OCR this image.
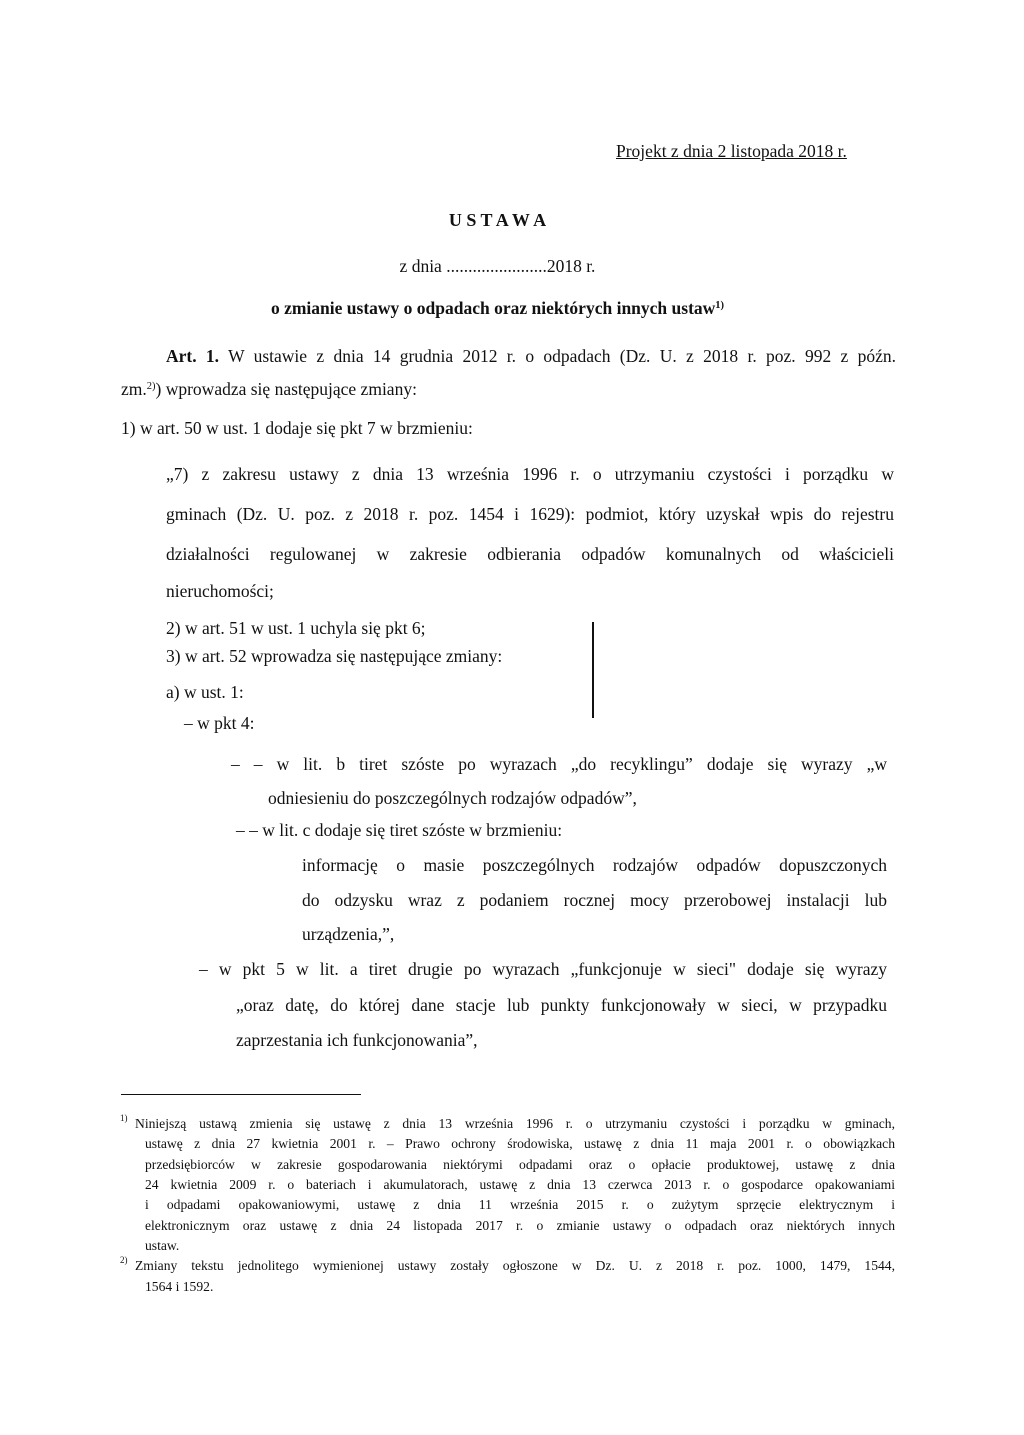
Projekt z dnia 2 listopada 2018 r.

U S T A W A

z dnia .......................2018 r.

o zmianie ustawy o odpadach oraz niektórych innych ustaw$^{1)}$

Art. 1. W ustawie z dnia 14 grudnia 2012 r. o odpadach (Dz. U. z 2018 r. poz. 992 z późn.

zm.$^{2)}$) wprowadza się następujące zmiany:

1) w art. 50 w ust. 1 dodaje się pkt 7 w brzmieniu:

„7) z zakresu ustawy z dnia 13 września 1996 r. o utrzymaniu czystości i porządku w

gminach (Dz. U. poz. z 2018 r. poz. 1454 i 1629): podmiot, który uzyskał wpis do rejestru

działalności regulowanej w zakresie odbierania odpadów komunalnych od właścicieli

nieruchomości;

2) w art. 51 w ust. 1 uchyla się pkt 6;

3) w art. 52 wprowadza się następujące zmiany:

a) w ust. 1:

– w pkt 4:

– – w lit. b tiret szóste po wyrazach „do recyklingu” dodaje się wyrazy „w

odniesieniu do poszczególnych rodzajów odpadów”,

– – w lit. c dodaje się tiret szóste w brzmieniu:

informację o masie poszczególnych rodzajów odpadów dopuszczonych

do odzysku wraz z podaniem rocznej mocy przerobowej instalacji lub

urządzenia,”,

– w pkt 5 w lit. a tiret drugie po wyrazach „funkcjonuje w sieci" dodaje się wyrazy

„oraz datę, do której dane stacje lub punkty funkcjonowały w sieci, w przypadku

zaprzestania ich funkcjonowania”,

1) Niniejszą ustawą zmienia się ustawę z dnia 13 września 1996 r. o utrzymaniu czystości i porządku w gminach,

ustawę z dnia 27 kwietnia 2001 r. – Prawo ochrony środowiska, ustawę z dnia 11 maja 2001 r. o obowiązkach

przedsiębiorców w zakresie gospodarowania niektórymi odpadami oraz o opłacie produktowej, ustawę z dnia

24 kwietnia 2009 r. o bateriach i akumulatorach, ustawę z dnia 13 czerwca 2013 r. o gospodarce opakowaniami

i odpadami opakowaniowymi, ustawę z dnia 11 września 2015 r. o zużytym sprzęcie elektrycznym i

elektronicznym oraz ustawę z dnia 24 listopada 2017 r. o zmianie ustawy o odpadach oraz niektórych innych

ustaw.

2) Zmiany tekstu jednolitego wymienionej ustawy zostały ogłoszone w Dz. U. z 2018 r. poz. 1000, 1479, 1544,

1564 i 1592.
